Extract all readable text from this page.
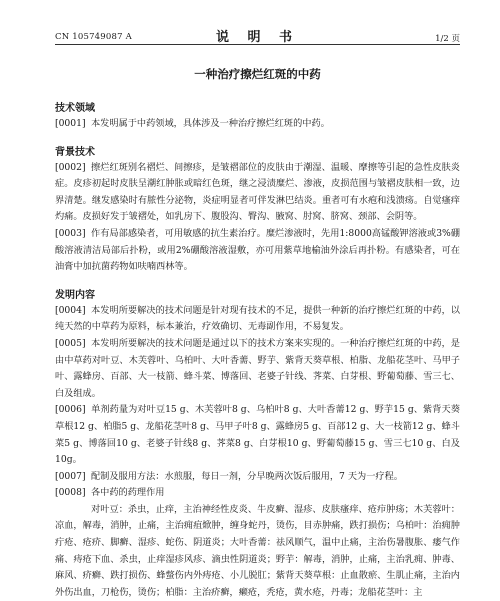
CN 105749087 A	说 明 书	1/2 页
一种治疗擦烂红斑的中药
技术领域

[0001] 本发明属于中药领域，具体涉及一种治疗擦烂红斑的中药。

背景技术

[0002] 擦烂红斑别名褶烂、间擦疹，是皱褶部位的皮肤由于潮湿、温暖、摩擦等引起的急性皮肤炎症。皮疹初起时皮肤呈潮红肿胀或暗红色斑，继之浸渍糜烂、渗液，皮损范围与皱褶皮肤相一致，边界清楚。继发感染时有脓性分泌物，炎症明显者可伴发淋巴结炎。重者可有水疱和浅溃疡。自觉瘙痒灼痛。皮损好发于皱褶处，如乳房下、腹股沟、臀沟、腋窝、肘窝、脐窝、颈部、会阴等。

[0003] 作有局部感染者，可用敏感的抗生素治疗。糜烂渗液时，先用1:8000高锰酸钾溶液或3%硼酸溶液清洁局部后扑粉，或用2%硼酸溶液湿敷，亦可用紫草地榆油外涂后再扑粉。有感染者，可在油膏中加抗菌药物如呋喃西林等。

发明内容

[0004] 本发明所要解决的技术问题是针对现有技术的不足，提供一种新的治疗擦烂红斑的中药，以纯天然的中草药为原料，标本兼治，疗效确切、无毒副作用，不易复发。

[0005] 本发明所要解决的技术问题是通过以下的技术方案来实现的。一种治疗擦烂红斑的中药，是由中草药对叶豆、木芙蓉叶、乌柏叶、大叶香薷、野芋、紫背天葵草根、柏脂、龙船花茎叶、马甲子叶、露蜂房、百部、大一枝箭、蜂斗菜、博落回、老婆子针线、荠菜、白芽根、野葡萄藤、雪三七、白及组成。

[0006] 单剂药量为对叶豆15 g、木芙蓉叶8 g、乌柏叶8 g、大叶香薷12 g、野芋15 g、紫背天葵草根12 g、柏脂5 g、龙船花茎叶8 g、马甲子叶8 g、露蜂房5 g、百部12 g、大一枝箭12 g、蜂斗菜5 g、博落回10 g、老婆子针线8 g、荠菜8 g、白芽根10 g、野葡萄藤15 g、雪三七10 g、白及10g。

[0007] 配制及服用方法：水煎服，每日一剂，分早晚两次饭后服用，7 天为一疗程。

[0008] 各中药的药理作用

对叶豆：杀虫，止痒，主治神经性皮炎、牛皮癣、湿疹、皮肤瘙痒、疮疖肿疡；木芙蓉叶：凉血，解毒，消肿，止痛，主治痈疽焮肿，缠身蛇丹，烫伤，目赤肿痛，跌打损伤；乌柏叶：治痈肿疔疮、疮疥、脚癣、湿疹、蛇伤、阴道炎；大叶香薷：祛风顺气，温中止痛，主治伤暑腹胀、痿气作痛、痔疮下血、杀虫，止痒湿疹风疹、滴虫性阴道炎；野芋：解毒，消肿，止痛，主治乳痈、肿毒、麻风、疥癣、跌打损伤、蜂螫伤内外痔疮、小儿脱肛；紫背天葵草根：止血散瘀、生肌止痛，主治内外伤出血，刀枪伤，烫伤；柏脂：主治疥癣，癞疮，秃疮，黄水疮，丹毒；龙船花茎叶：主
